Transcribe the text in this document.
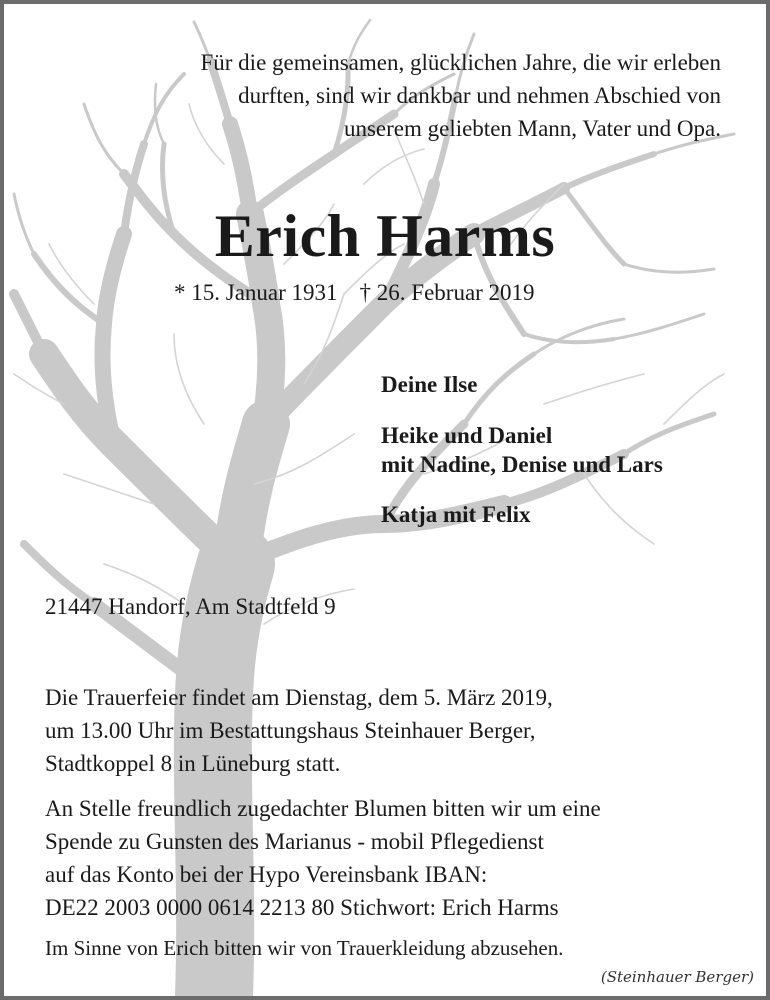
Für die gemeinsamen, glücklichen Jahre, die wir erleben
durften, sind wir dankbar und nehmen Abschied von
unserem geliebten Mann, Vater und Opa.
Erich Harms
* 15. Januar 1931 † 26. Februar 2019
Deine Ilse
Heike und Daniel
mit Nadine, Denise und Lars
Katja mit Felix
21447 Handorf, Am Stadtfeld 9
Die Trauerfeier findet am Dienstag, dem 5. März 2019,
um 13.00 Uhr im Bestattungshaus Steinhauer Berger,
Stadtkoppel 8 in Lüneburg statt.
An Stelle freundlich zugedachter Blumen bitten wir um eine
Spende zu Gunsten des Marianus - mobil Pflegedienst
auf das Konto bei der Hypo Vereinsbank IBAN:
DE22 2003 0000 0614 2213 80 Stichwort: Erich Harms
Im Sinne von Erich bitten wir von Trauerkleidung abzusehen.
(Steinhauer Berger)
